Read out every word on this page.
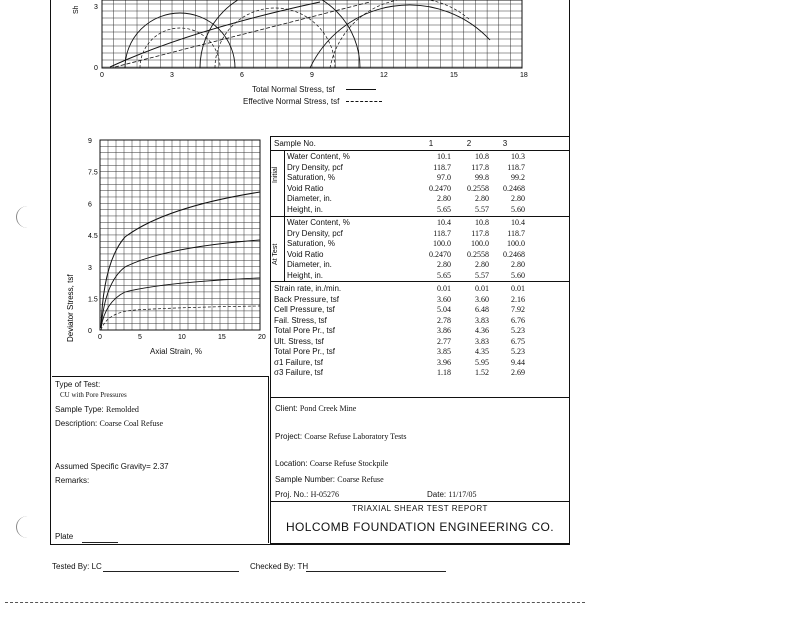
Sh 3
0
0	3	6	9	12	15	18
Total Normal Stress, tsf
Effective Normal Stress, tsf
9
7.5
6
4.5
3
1.5
0
0	5	10	15	20
Deviator Stress, tsf
Axial Strain, %
Sample No.	1	2	3
Initial
Water Content, %	10.1	10.8	10.3
Dry Density, pcf	118.7	117.8	118.7
Saturation, %	97.0	99.8	99.2
Void Ratio	0.2470	0.2558	0.2468
Diameter, in.	2.80	2.80	2.80
Height, in.	5.65	5.57	5.60
At Test
Water Content, %	10.4	10.8	10.4
Dry Density, pcf	118.7	117.8	118.7
Saturation, %	100.0	100.0	100.0
Void Ratio	0.2470	0.2558	0.2468
Diameter, in.	2.80	2.80	2.80
Height, in.	5.65	5.57	5.60
Strain rate, in./min.	0.01	0.01	0.01
Back Pressure, tsf	3.60	3.60	2.16
Cell Pressure, tsf	5.04	6.48	7.92
Fail. Stress, tsf	2.78	3.83	6.76
Total Pore Pr., tsf	3.86	4.36	5.23
Ult. Stress, tsf	2.77	3.83	6.75
Total Pore Pr., tsf	3.85	4.35	5.23
σ1 Failure, tsf	3.96	5.95	9.44
σ3 Failure, tsf	1.18	1.52	2.69
Type of Test:
CU with Pore Pressures
Sample Type: Remolded
Description: Coarse Coal Refuse
Assumed Specific Gravity= 2.37
Remarks:
Plate
Client: Pond Creek Mine
Project: Coarse Refuse Laboratory Tests
Location: Coarse Refuse Stockpile
Sample Number: Coarse Refuse
Proj. No.: H-05276	Date: 11/17/05
TRIAXIAL SHEAR TEST REPORT
HOLCOMB FOUNDATION ENGINEERING CO.
Tested By: LC	Checked By: TH
